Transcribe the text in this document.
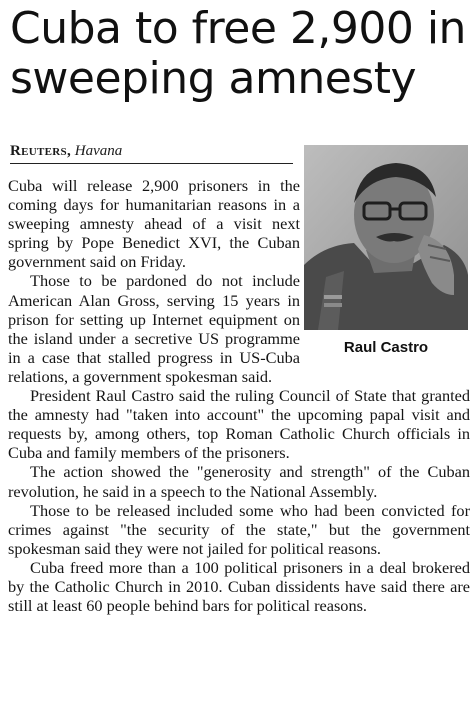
Cuba to free 2,900 in sweeping amnesty
Reuters, Havana
Raul Castro

Cuba will release 2,900 prisoners in the coming days for humanitarian reasons in a sweeping amnesty ahead of a visit next spring by Pope Benedict XVI, the Cuban government said on Friday.

Those to be pardoned do not include American Alan Gross, serving 15 years in prison for setting up Internet equipment on the island under a secretive US programme in a case that stalled progress in US-Cuba relations, a government spokesman said.

President Raul Castro said the ruling Council of State that granted the amnesty had "taken into account" the upcoming papal visit and requests by, among others, top Roman Catholic Church officials in Cuba and family members of the prisoners.

The action showed the "generosity and strength" of the Cuban revolution, he said in a speech to the National Assembly.

Those to be released included some who had been convicted for crimes against "the security of the state," but the government spokesman said they were not jailed for political reasons.

Cuba freed more than a 100 political prisoners in a deal brokered by the Catholic Church in 2010. Cuban dissidents have said there are still at least 60 people behind bars for political reasons.
